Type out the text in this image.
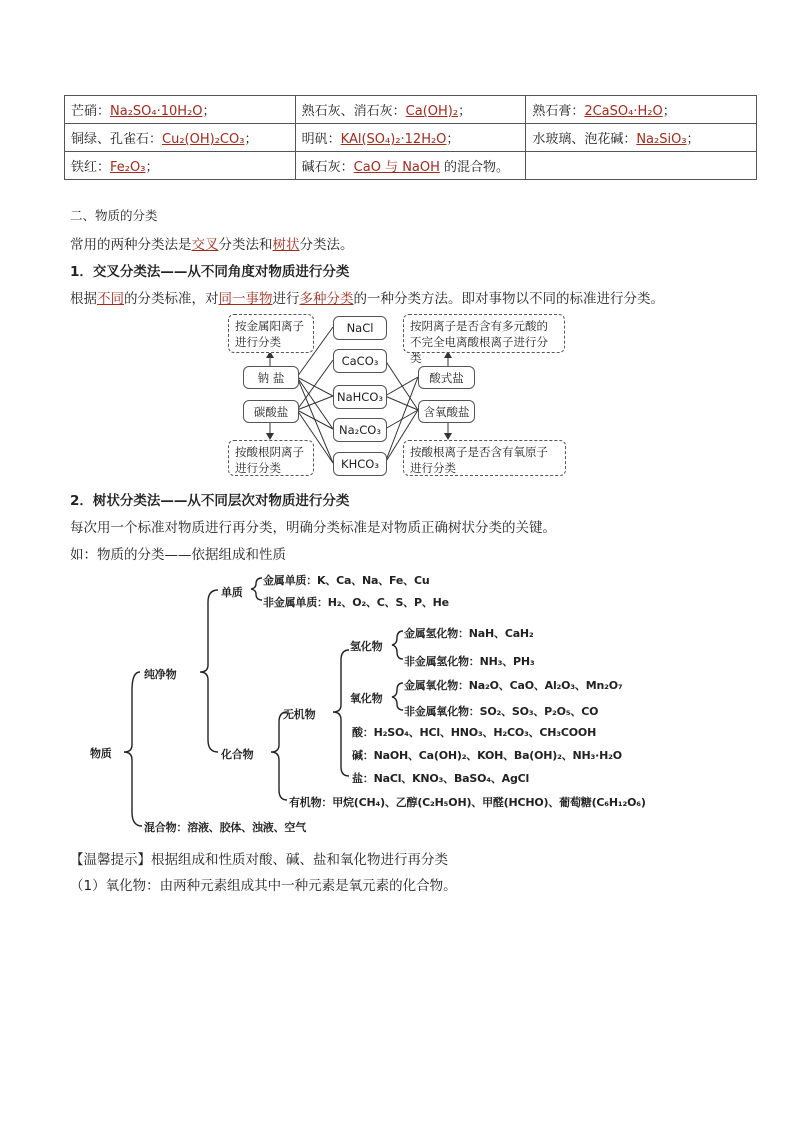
芒硝：Na₂SO₄·10H₂O；	熟石灰、消石灰：Ca(OH)₂；	熟石膏：2CaSO₄·H₂O；
铜绿、孔雀石：Cu₂(OH)₂CO₃；	明矾：KAl(SO₄)₂·12H₂O；	水玻璃、泡花碱：Na₂SiO₃；
铁红：Fe₂O₃；	碱石灰：CaO 与 NaOH 的混合物。	
二、物质的分类
常用的两种分类法是交叉分类法和树状分类法。
1．交叉分类法——从不同角度对物质进行分类
根据不同的分类标准，对同一事物进行多种分类的一种分类方法。即对事物以不同的标准进行分类。
按金属阳离子进行分类
按酸根阴离子进行分类
钠 盐
碳酸盐
NaCl
CaCO₃
NaHCO₃
Na₂CO₃
KHCO₃
酸式盐
含氧酸盐
按阴离子是否含有多元酸的不完全电离酸根离子进行分类
按酸根离子是否含有氧原子进行分类
2．树状分类法——从不同层次对物质进行分类
每次用一个标准对物质进行再分类，明确分类标准是对物质正确树状分类的关键。
如：物质的分类——依据组成和性质
物质
纯净物
混合物：溶液、胶体、浊液、空气
单质
金属单质：K、Ca、Na、Fe、Cu
非金属单质：H₂、O₂、C、S、P、He
化合物
无机物
有机物：甲烷(CH₄)、乙醇(C₂H₅OH)、甲醛(HCHO)、葡萄糖(C₆H₁₂O₆)
氢化物
金属氢化物：NaH、CaH₂
非金属氢化物：NH₃、PH₃
氧化物
金属氧化物：Na₂O、CaO、Al₂O₃、Mn₂O₇
非金属氧化物：SO₂、SO₃、P₂O₅、CO
酸：H₂SO₄、HCl、HNO₃、H₂CO₃、CH₃COOH
碱：NaOH、Ca(OH)₂、KOH、Ba(OH)₂、NH₃·H₂O
盐：NaCl、KNO₃、BaSO₄、AgCl
【温馨提示】根据组成和性质对酸、碱、盐和氧化物进行再分类
（1）氧化物：由两种元素组成其中一种元素是氧元素的化合物。
